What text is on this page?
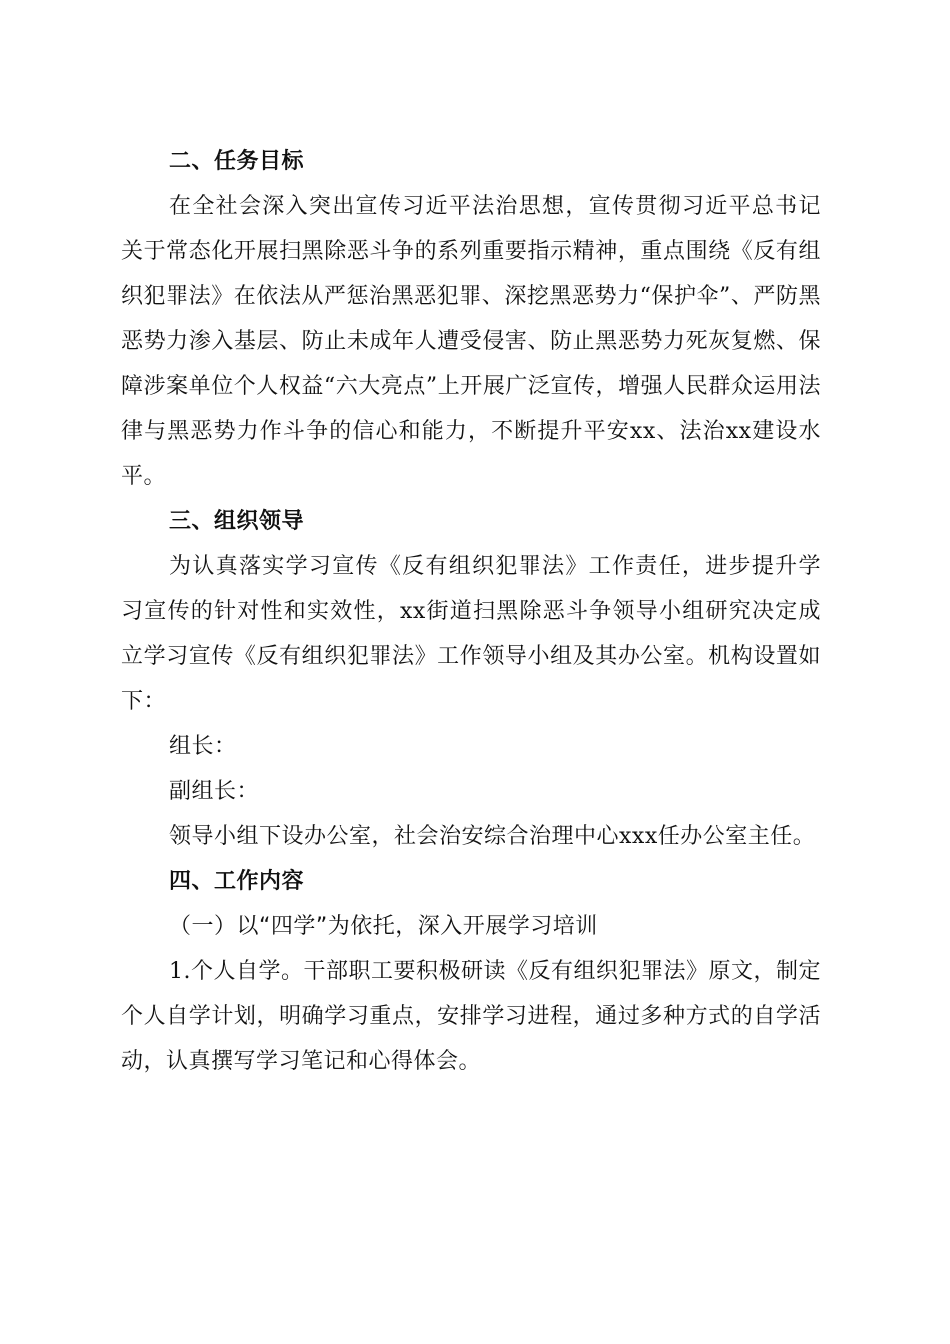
二、任务目标

在全社会深入突出宣传习近平法治思想，宣传贯彻习近平总书记关于常态化开展扫黑除恶斗争的系列重要指示精神，重点围绕《反有组织犯罪法》在依法从严惩治黑恶犯罪、深挖黑恶势力“保护伞”、严防黑恶势力渗入基层、防止未成年人遭受侵害、防止黑恶势力死灰复燃、保障涉案单位个人权益“六大亮点”上开展广泛宣传，增强人民群众运用法律与黑恶势力作斗争的信心和能力，不断提升平安xx、法治xx建设水平。

三、组织领导

为认真落实学习宣传《反有组织犯罪法》工作责任，进步提升学习宣传的针对性和实效性，xx街道扫黑除恶斗争领导小组研究决定成立学习宣传《反有组织犯罪法》工作领导小组及其办公室。机构设置如下：

组长：

副组长：

领导小组下设办公室，社会治安综合治理中心xxx任办公室主任。

四、工作内容
（一）以“四学”为依托，深入开展学习培训

1.个人自学。干部职工要积极研读《反有组织犯罪法》原文，制定个人自学计划，明确学习重点，安排学习进程，通过多种方式的自学活动，认真撰写学习笔记和心得体会。
